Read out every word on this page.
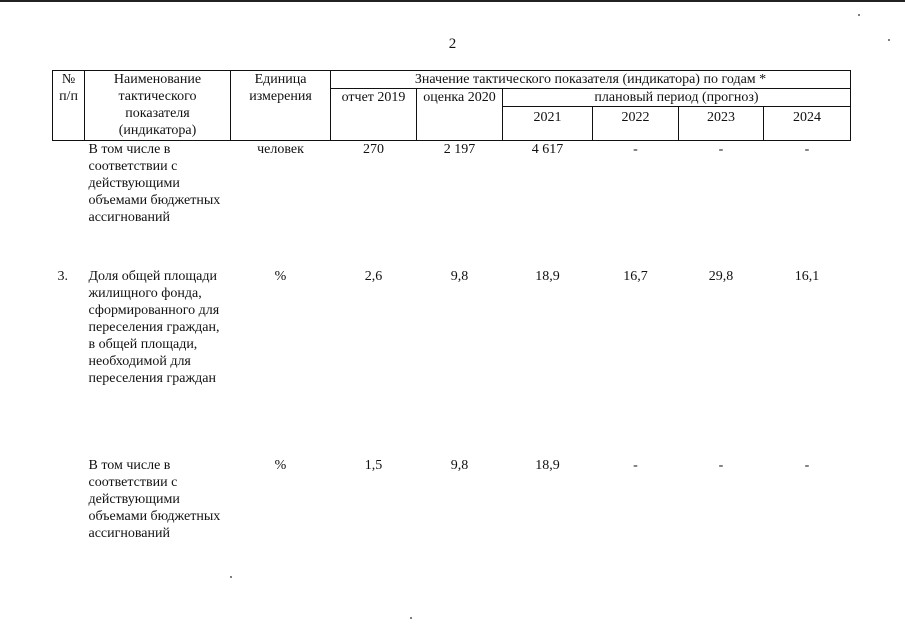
2
№ п/п	Наименование тактического показателя (индикатора)	Единица измерения	Значение тактического показателя (индикатора) по годам *					
			отчет 2019	оценка 2020	плановый период (прогноз)			
					2021	2022	2023	2024
	В том числе в соответствии с действующими объемами бюджетных ассигнований	человек	270	2 197	4 617	-	-	-
3.	Доля общей площади жилищного фонда, сформированного для переселения граждан, в общей площади, необходимой для переселения граждан	%	2,6	9,8	18,9	16,7	29,8	16,1
	В том числе в соответствии с действующими объемами бюджетных ассигнований	%	1,5	9,8	18,9	-	-	-
